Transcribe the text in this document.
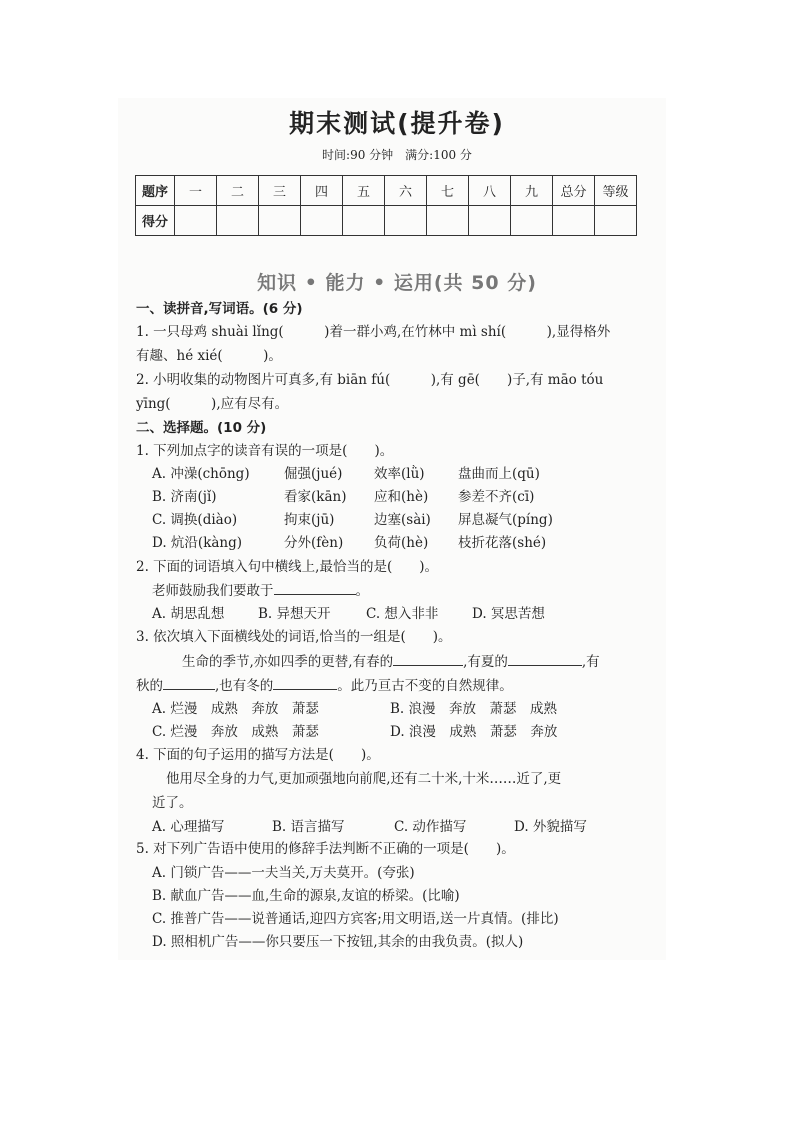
期末测试(提升卷)
时间:90 分钟　满分:100 分
题序	一	二	三	四	五	六	七	八	九	总分	等级
得分											
知识 • 能力 • 运用(共 50 分)
一、读拼音,写词语。(6 分)
1. 一只母鸡 shuài lǐng(　　　)着一群小鸡,在竹林中 mì shí(　　　),显得格外
有趣、hé xié(　　　)。
2. 小明收集的动物图片可真多,有 biān fú(　　　),有 gē(　　)子,有 māo tóu
yīng(　　　),应有尽有。
二、选择题。(10 分)
1. 下列加点字的读音有误的一项是(　　)。
A. 冲澡(chōng)	倔强(jué) 效率(lǜ) 盘曲而上(qū)
B. 济南(jǐ)	看家(kān) 应和(hè) 参差不齐(cī)
C. 调换(diào)	拘束(jū)	边塞(sài) 屏息凝气(píng)
D. 炕沿(kàng)	分外(fèn) 负荷(hè) 枝折花落(shé)
2. 下面的词语填入句中横线上,最恰当的是(　　)。
老师鼓励我们要敢于	。
A. 胡思乱想 B. 异想天开	C. 想入非非 D. 冥思苦想
3. 依次填入下面横线处的词语,恰当的一组是(　　)。
生命的季节,亦如四季的更替,有春的	,有夏的	,有
秋的	,也有冬的	。此乃亘古不变的自然规律。
A. 烂漫　成熟　奔放　萧瑟	B. 浪漫　奔放　萧瑟　成熟
C. 烂漫　奔放　成熟　萧瑟	D. 浪漫　成熟　萧瑟　奔放
4. 下面的句子运用的描写方法是(　　)。
他用尽全身的力气,更加顽强地向前爬,还有二十米,十米……近了,更
近了。
A. 心理描写	B. 语言描写	C. 动作描写	D. 外貌描写
5. 对下列广告语中使用的修辞手法判断不正确的一项是(　　)。
A. 门锁广告——一夫当关,万夫莫开。(夸张)
B. 献血广告——血,生命的源泉,友谊的桥梁。(比喻)
C. 推普广告——说普通话,迎四方宾客;用文明语,送一片真情。(排比)
D. 照相机广告——你只要压一下按钮,其余的由我负责。(拟人)
